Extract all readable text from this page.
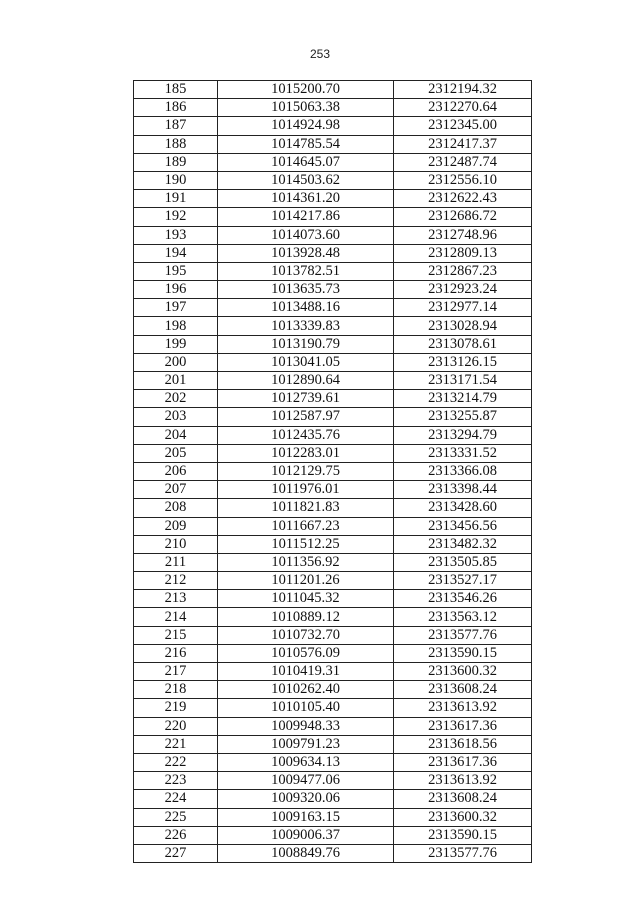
253
185	1015200.70	2312194.32
186	1015063.38	2312270.64
187	1014924.98	2312345.00
188	1014785.54	2312417.37
189	1014645.07	2312487.74
190	1014503.62	2312556.10
191	1014361.20	2312622.43
192	1014217.86	2312686.72
193	1014073.60	2312748.96
194	1013928.48	2312809.13
195	1013782.51	2312867.23
196	1013635.73	2312923.24
197	1013488.16	2312977.14
198	1013339.83	2313028.94
199	1013190.79	2313078.61
200	1013041.05	2313126.15
201	1012890.64	2313171.54
202	1012739.61	2313214.79
203	1012587.97	2313255.87
204	1012435.76	2313294.79
205	1012283.01	2313331.52
206	1012129.75	2313366.08
207	1011976.01	2313398.44
208	1011821.83	2313428.60
209	1011667.23	2313456.56
210	1011512.25	2313482.32
211	1011356.92	2313505.85
212	1011201.26	2313527.17
213	1011045.32	2313546.26
214	1010889.12	2313563.12
215	1010732.70	2313577.76
216	1010576.09	2313590.15
217	1010419.31	2313600.32
218	1010262.40	2313608.24
219	1010105.40	2313613.92
220	1009948.33	2313617.36
221	1009791.23	2313618.56
222	1009634.13	2313617.36
223	1009477.06	2313613.92
224	1009320.06	2313608.24
225	1009163.15	2313600.32
226	1009006.37	2313590.15
227	1008849.76	2313577.76
